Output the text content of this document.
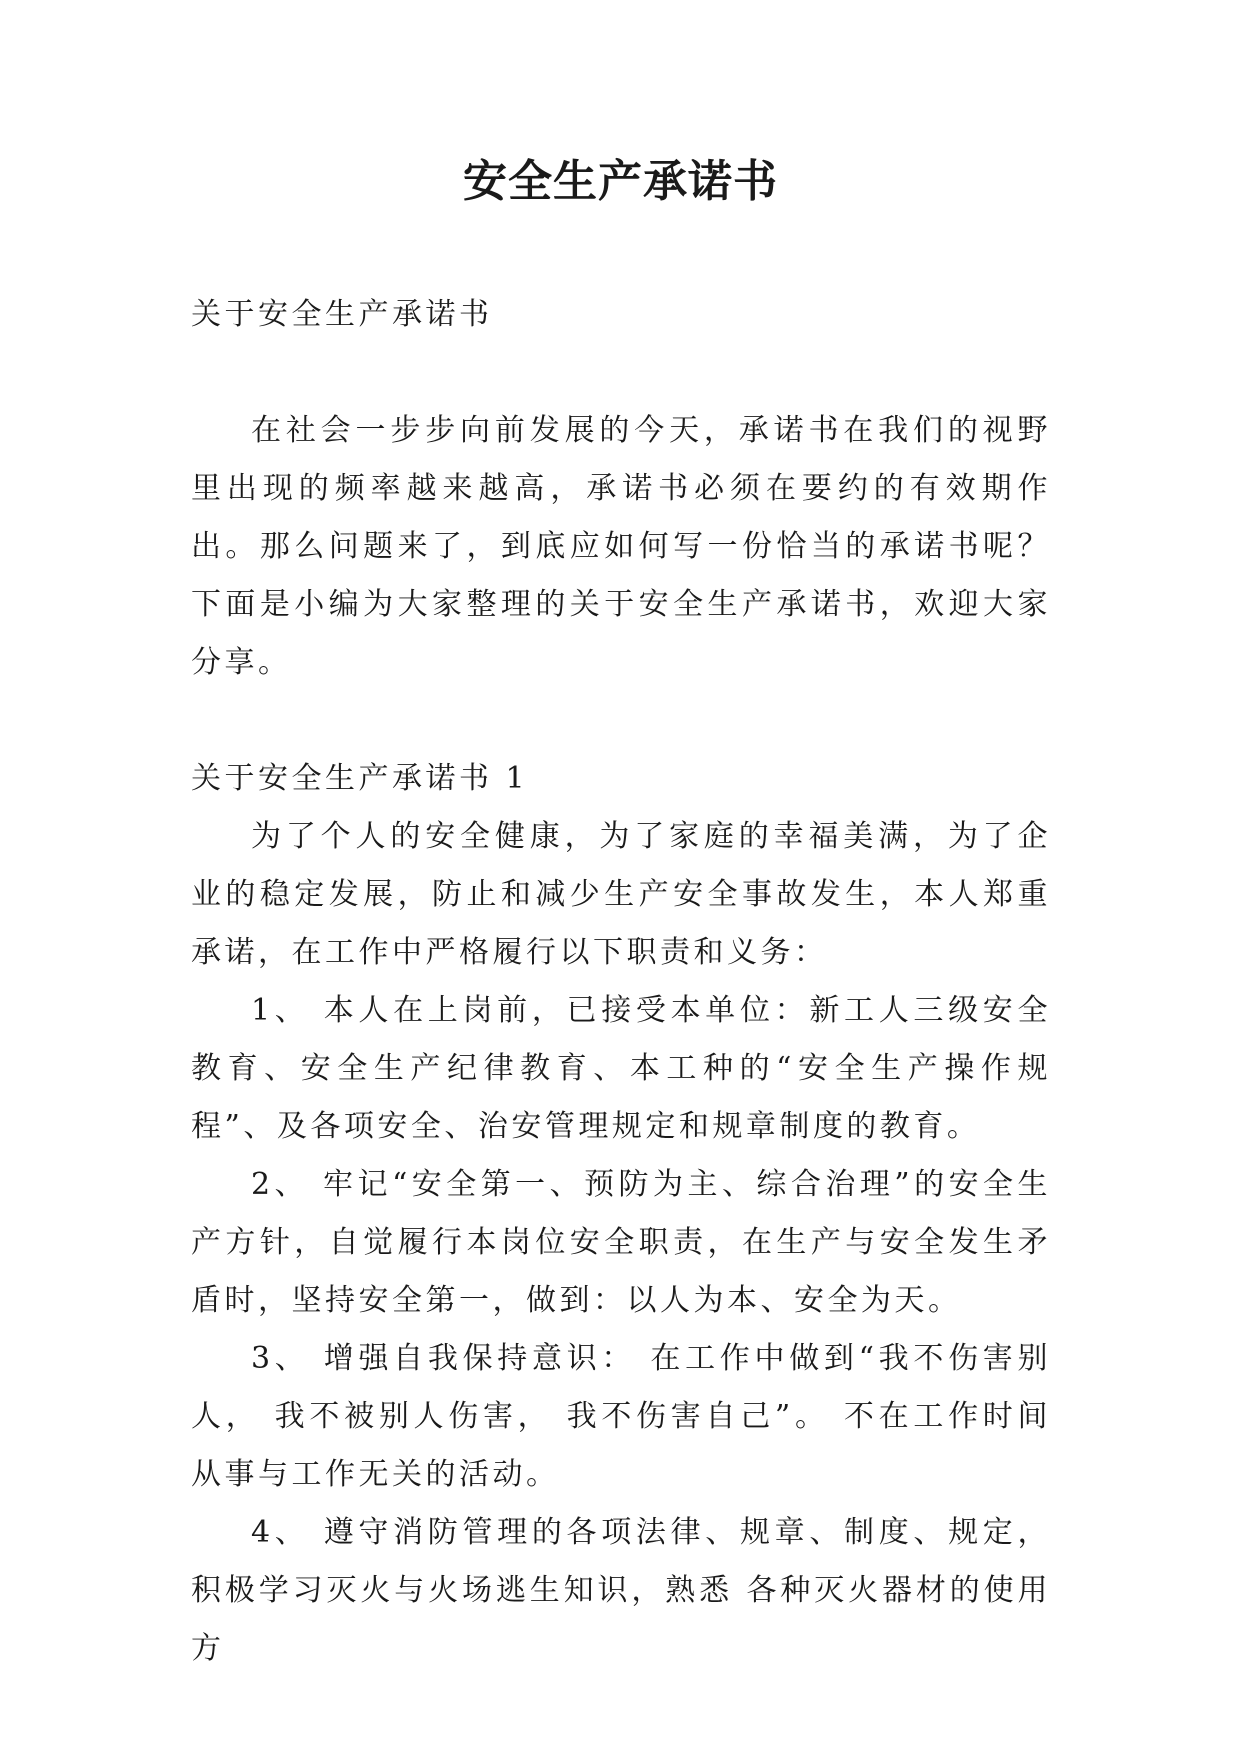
安全生产承诺书

关于安全生产承诺书

在社会一步步向前发展的今天，承诺书在我们的视野里出现的频率越来越高，承诺书必须在要约的有效期作出。那么问题来了，到底应如何写一份恰当的承诺书呢？下面是小编为大家整理的关于安全生产承诺书，欢迎大家分享。

关于安全生产承诺书 1

为了个人的安全健康，为了家庭的幸福美满，为了企业的稳定发展，防止和减少生产安全事故发生，本人郑重承诺，在工作中严格履行以下职责和义务：

1、 本人在上岗前，已接受本单位：新工人三级安全教育、安全生产纪律教育、本工种的“安全生产操作规程”、及各项安全、治安管理规定和规章制度的教育。

2、 牢记“安全第一、预防为主、综合治理”的安全生产方针，自觉履行本岗位安全职责，在生产与安全发生矛盾时，坚持安全第一，做到：以人为本、安全为天。

3、 增强自我保持意识： 在工作中做到“我不伤害别人， 我不被别人伤害， 我不伤害自己”。 不在工作时间从事与工作无关的活动。

4、 遵守消防管理的各项法律、规章、制度、规定，积极学习灭火与火场逃生知识，熟悉 各种灭火器材的使用方
